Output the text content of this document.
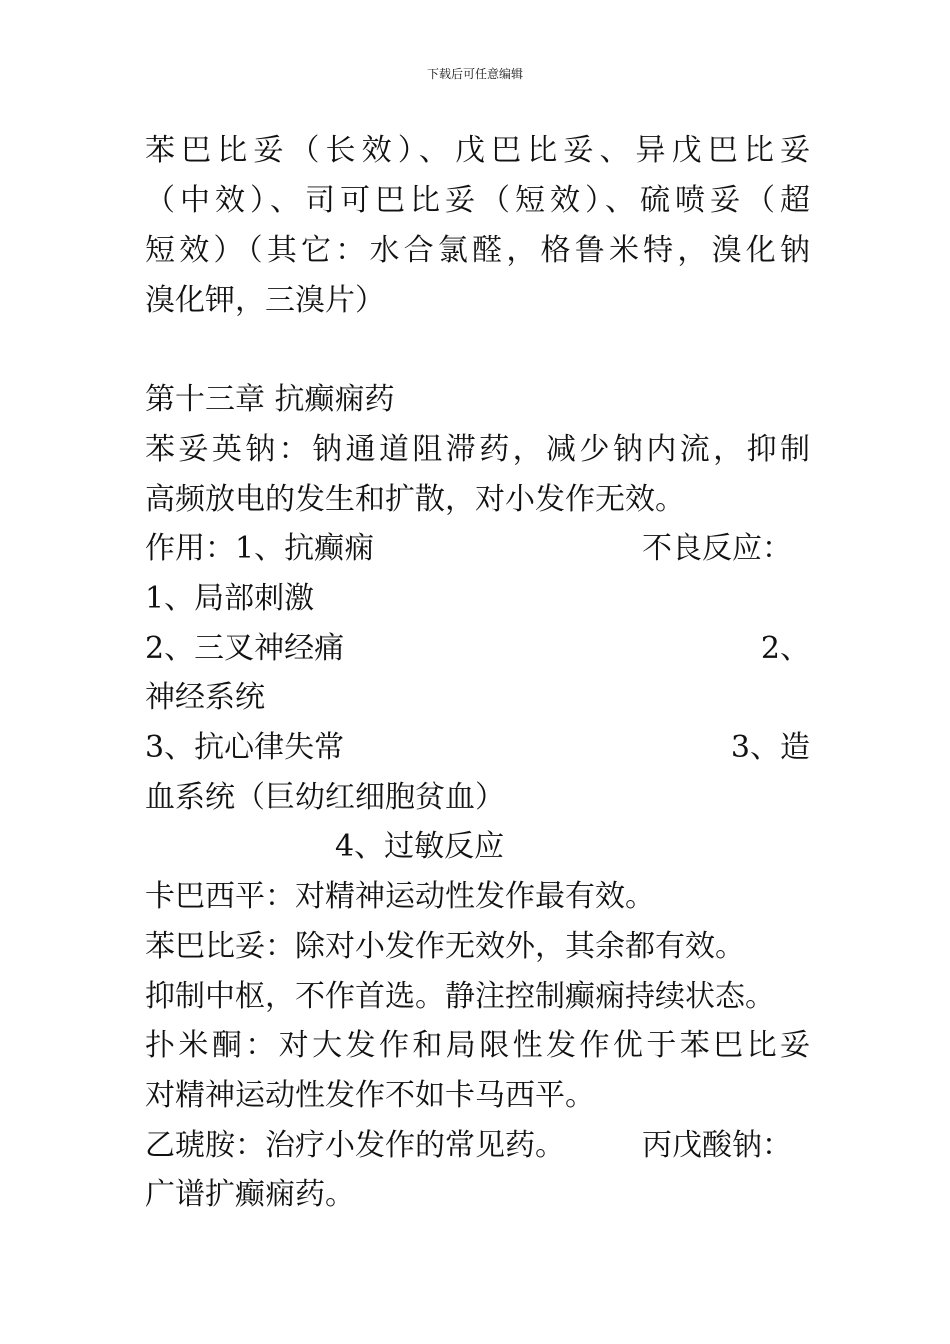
下载后可任意编辑
苯巴比妥（长效）、戊巴比妥、异戊巴比妥
（中效）、司可巴比妥（短效）、硫喷妥（超
短效）（其它：水合氯醛，格鲁米特，溴化钠
溴化钾，三溴片）
第十三章 抗癫痫药
苯妥英钠：钠通道阻滞药，减少钠内流，抑制
高频放电的发生和扩散，对小发作无效。
作用：1、抗癫痫	不良反应：
1、局部刺激
2、三叉神经痛	2、
神经系统
3、抗心律失常	3、造
血系统（巨幼红细胞贫血）
4、过敏反应
卡巴西平：对精神运动性发作最有效。
苯巴比妥：除对小发作无效外，其余都有效。
抑制中枢，不作首选。静注控制癫痫持续状态。
扑米酮：对大发作和局限性发作优于苯巴比妥
对精神运动性发作不如卡马西平。
乙琥胺：治疗小发作的常见药。	丙戊酸钠：
广谱扩癫痫药。
